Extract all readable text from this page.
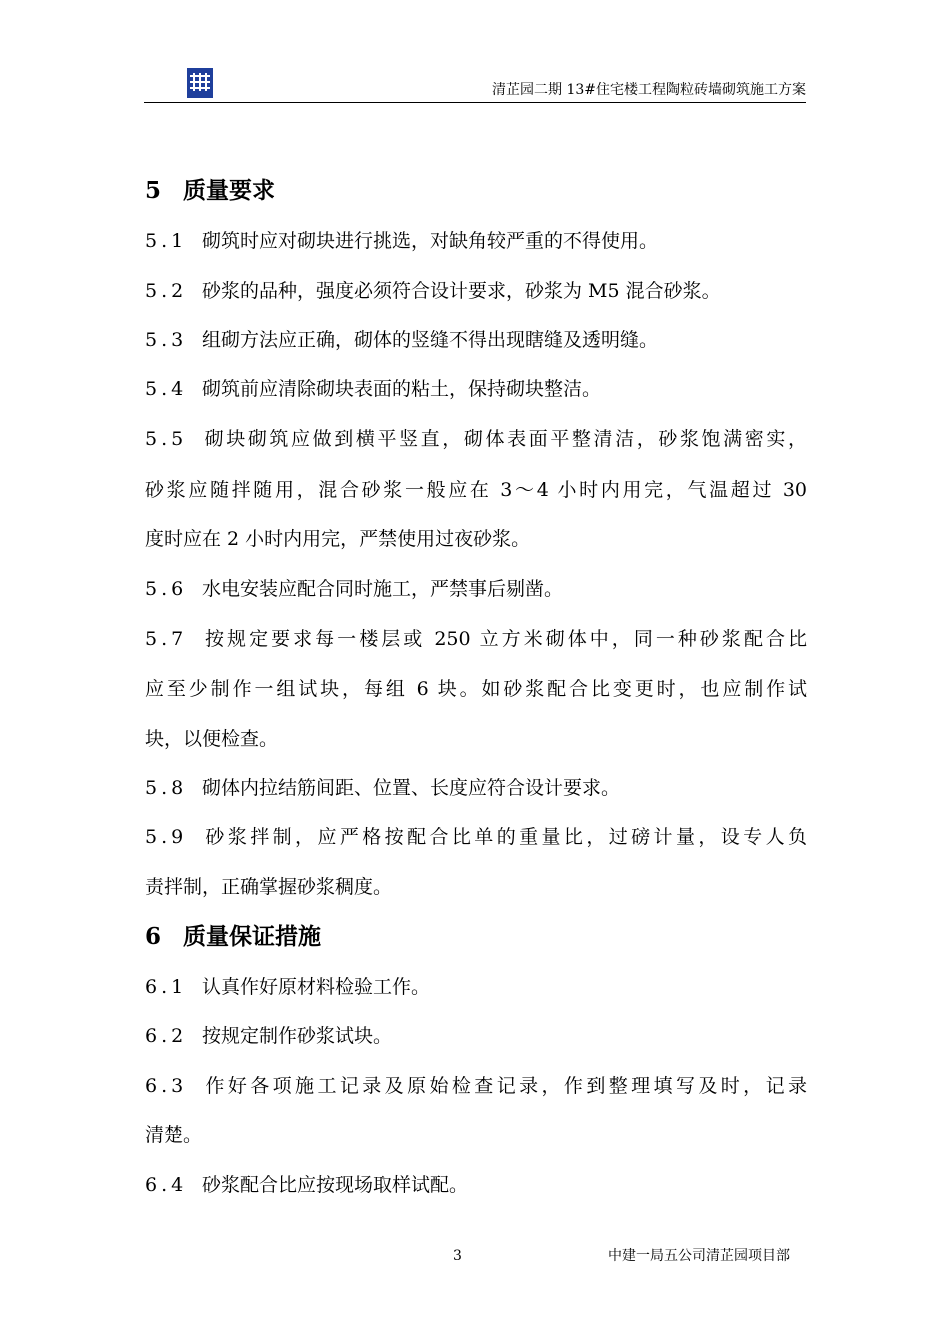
清芷园二期 13#住宅楼工程陶粒砖墙砌筑施工方案
5 质量要求
5.1 砌筑时应对砌块进行挑选，对缺角较严重的不得使用。
5.2 砂浆的品种，强度必须符合设计要求，砂浆为 M5 混合砂浆。
5.3 组砌方法应正确，砌体的竖缝不得出现瞎缝及透明缝。
5.4 砌筑前应清除砌块表面的粘土，保持砌块整洁。
5.5 砌块砌筑应做到横平竖直，砌体表面平整清洁，砂浆饱满密实，
砂浆应随拌随用，混合砂浆一般应在 3～4 小时内用完，气温超过 30
度时应在 2 小时内用完，严禁使用过夜砂浆。
5.6 水电安装应配合同时施工，严禁事后剔凿。
5.7 按规定要求每一楼层或 250 立方米砌体中，同一种砂浆配合比
应至少制作一组试块，每组 6 块。如砂浆配合比变更时，也应制作试
块，以便检查。
5.8 砌体内拉结筋间距、位置、长度应符合设计要求。
5.9 砂浆拌制，应严格按配合比单的重量比，过磅计量，设专人负
责拌制，正确掌握砂浆稠度。
6 质量保证措施
6.1 认真作好原材料检验工作。
6.2 按规定制作砂浆试块。
6.3 作好各项施工记录及原始检查记录，作到整理填写及时，记录
清楚。
6.4 砂浆配合比应按现场取样试配。
3	中建一局五公司清芷园项目部
